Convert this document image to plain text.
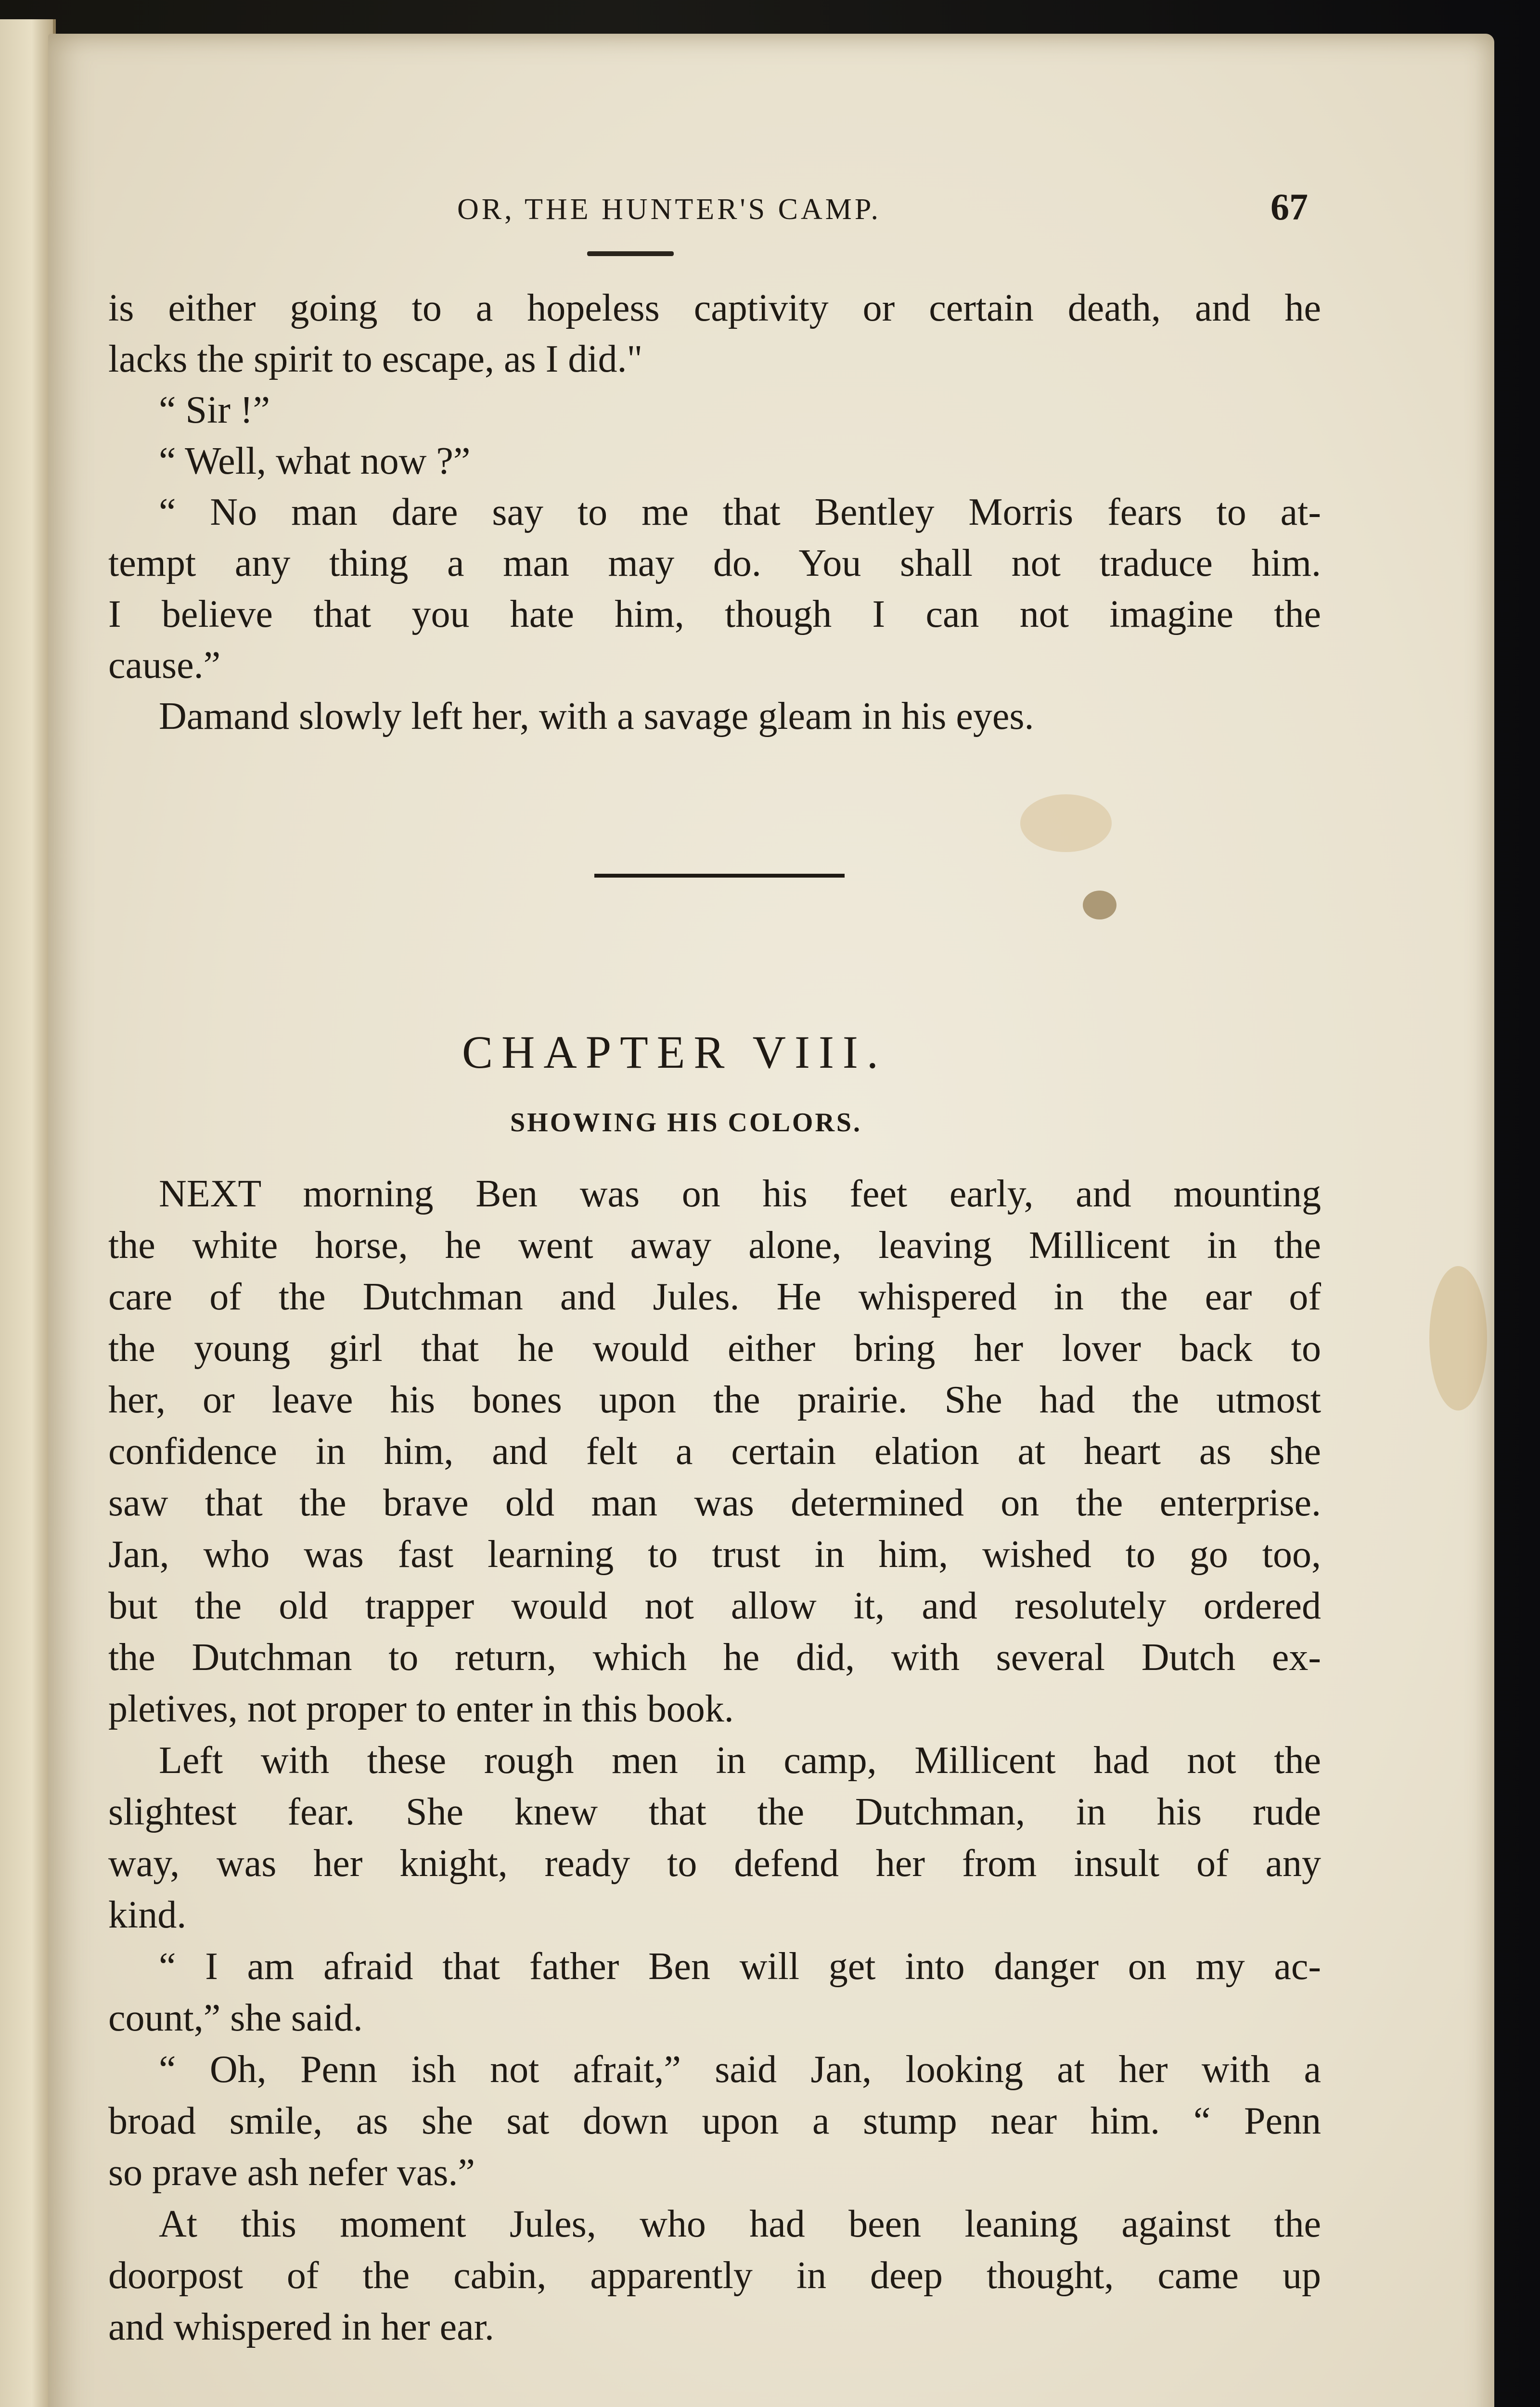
OR, THE HUNTER'S CAMP.	67
is either going to a hopeless captivity or certain death, and he
lacks the spirit to escape, as I did."
“ Sir !”
“ Well, what now ?”
“ No man dare say to me that Bentley Morris fears to at-
tempt any thing a man may do. You shall not traduce him.
I believe that you hate him, though I can not imagine the
cause.”
Damand slowly left her, with a savage gleam in his eyes.
CHAPTER VIII.
SHOWING HIS COLORS.
NEXT morning Ben was on his feet early, and mounting
the white horse, he went away alone, leaving Millicent in the
care of the Dutchman and Jules. He whispered in the ear of
the young girl that he would either bring her lover back to
her, or leave his bones upon the prairie. She had the utmost
confidence in him, and felt a certain elation at heart as she
saw that the brave old man was determined on the enterprise.
Jan, who was fast learning to trust in him, wished to go too,
but the old trapper would not allow it, and resolutely ordered
the Dutchman to return, which he did, with several Dutch ex-
pletives, not proper to enter in this book.
Left with these rough men in camp, Millicent had not the
slightest fear. She knew that the Dutchman, in his rude
way, was her knight, ready to defend her from insult of any
kind.
“ I am afraid that father Ben will get into danger on my ac-
count,” she said.
“ Oh, Penn ish not afrait,” said Jan, looking at her with a
broad smile, as she sat down upon a stump near him. “ Penn
so prave ash nefer vas.”
At this moment Jules, who had been leaning against the
doorpost of the cabin, apparently in deep thought, came up
and whispered in her ear.
